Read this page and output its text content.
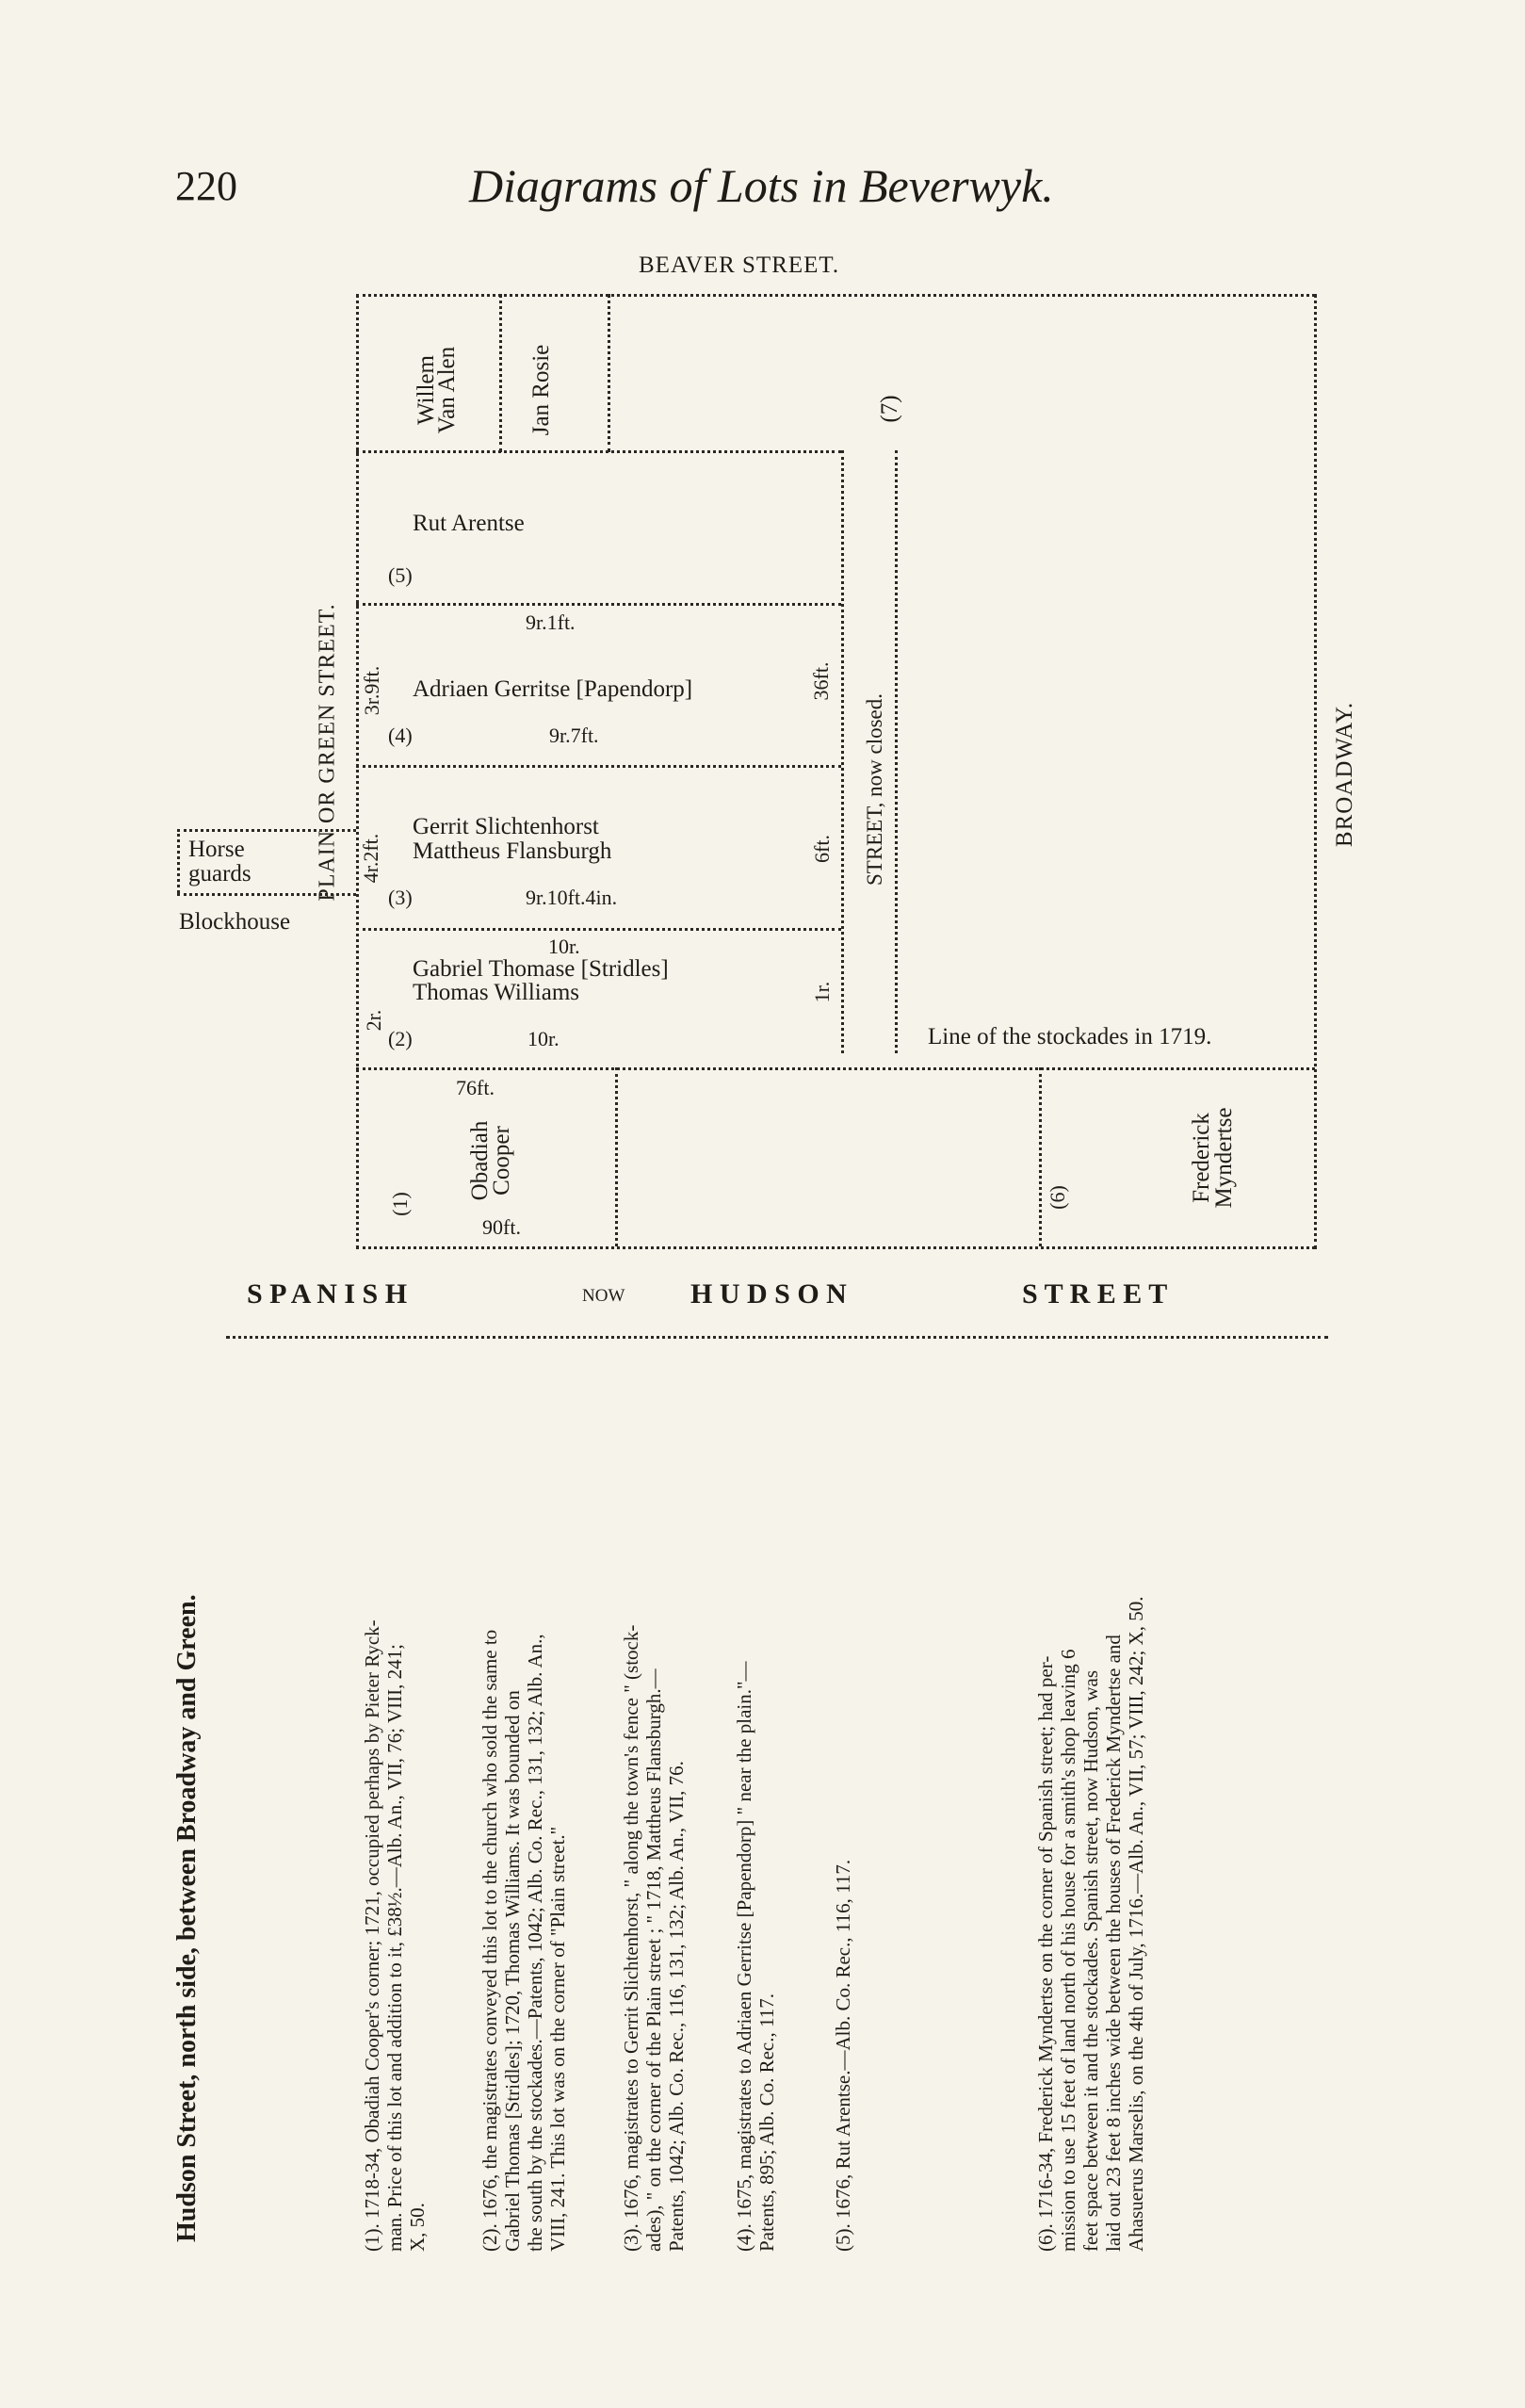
220	Diagrams of Lots in Beverwyk.
BEAVER STREET.
Horse
guards
Blockhouse
PLAIN OR GREEN STREET.	BROADWAY.
STREET, now closed.
Willem
Van Alen	Jan Rosie	(7)
Rut Arentse
(5)
9r.1ft.
3r.9ft. Adriaen Gerritse [Papendorp]	36ft.
(4)	9r.7ft.
Gerrit Slichtenhorst
Mattheus Flansburgh
4r.2ft.	6ft.
(3)	9r.10ft.4in.
10r.
Gabriel Thomase [Stridles]
Thomas Williams
2r.
1r.
(2)	10r.	Line of the stockades in 1719.
76ft.
Obadiah
Cooper
(1)
90ft.
(6)	Frederick
Myndertse
S P A N I S H	NOW H U D S O N	S T R E E T
Hudson Street, north side, between Broadway and Green.	(1). 1718-34, Obadiah Cooper's corner; 1721, occupied perhaps by Pieter Ryck- man. Price of this lot and addition to it, £38½.—Alb. An., VII, 76; VIII, 241; X, 50.	(2). 1676, the magistrates conveyed this lot to the church who sold the same to Gabriel Thomas [Stridles]; 1720, Thomas Williams. It was bounded on the south by the stockades.—Patents, 1042; Alb. Co. Rec., 131, 132; Alb. An., VIII, 241. This lot was on the corner of "Plain street."	(3). 1676, magistrates to Gerrit Slichtenhorst, " along the town's fence " (stock- ades), " on the corner of the Plain street ; " 1718, Mattheus Flansburgh.— Patents, 1042; Alb. Co. Rec., 116, 131, 132; Alb. An., VII, 76. (4). 1675, magistrates to Adriaen Gerritse [Papendorp] " near the plain."— Patents, 895; Alb. Co. Rec., 117.	(5). 1676, Rut Arentse.—Alb. Co. Rec., 116, 117.	(6). 1716-34, Frederick Myndertse on the corner of Spanish street; had per- mission to use 15 feet of land north of his house for a smith's shop leaving 6 feet space between it and the stockades. Spanish street, now Hudson, was laid out 23 feet 8 inches wide between the houses of Frederick Myndertse and Ahasuerus Marselis, on the 4th of July, 1716.—Alb. An., VII, 57; VIII, 242; X, 50.
